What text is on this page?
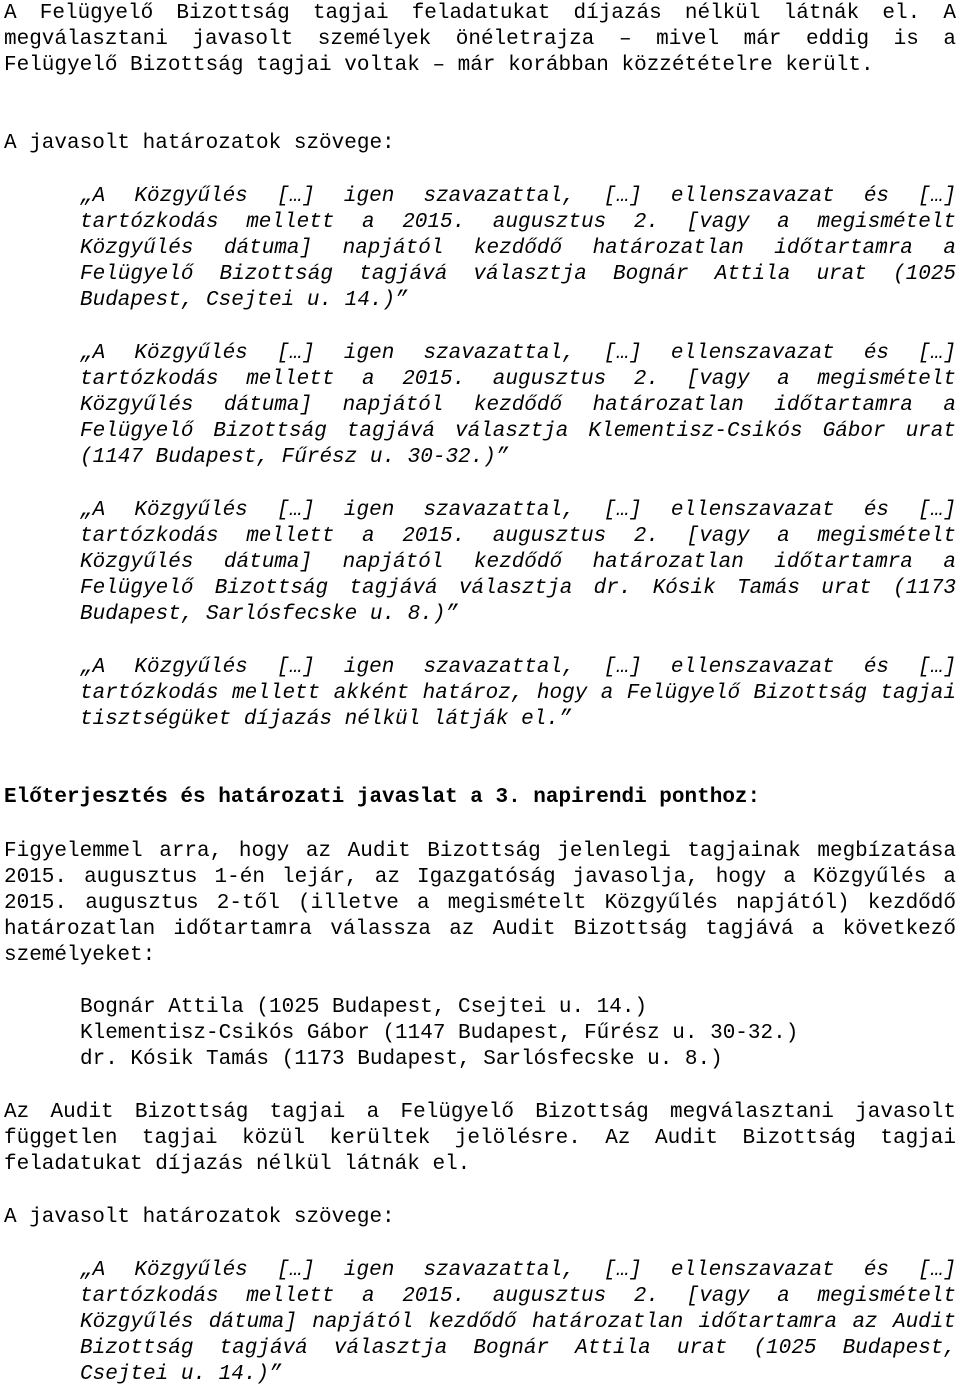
A Felügyelő Bizottság tagjai feladatukat díjazás nélkül látnák el. A megválasztani javasolt személyek önéletrajza – mivel már eddig is a Felügyelő Bizottság tagjai voltak – már korábban közzétételre került.

A javasolt határozatok szövege:

„A Közgyűlés […] igen szavazattal, […] ellenszavazat és […] tartózkodás mellett a 2015. augusztus 2. [vagy a megismételt Közgyűlés dátuma] napjától kezdődő határozatlan időtartamra a Felügyelő Bizottság tagjává választja Bognár Attila urat (1025 Budapest, Csejtei u. 14.)”

„A Közgyűlés […] igen szavazattal, […] ellenszavazat és […] tartózkodás mellett a 2015. augusztus 2. [vagy a megismételt Közgyűlés dátuma] napjától kezdődő határozatlan időtartamra a Felügyelő Bizottság tagjává választja Klementisz-Csikós Gábor urat (1147 Budapest, Fűrész u. 30-32.)”

„A Közgyűlés […] igen szavazattal, […] ellenszavazat és […] tartózkodás mellett a 2015. augusztus 2. [vagy a megismételt Közgyűlés dátuma] napjától kezdődő határozatlan időtartamra a Felügyelő Bizottság tagjává választja dr. Kósik Tamás urat (1173 Budapest, Sarlósfecske u. 8.)”

„A Közgyűlés […] igen szavazattal, […] ellenszavazat és […] tartózkodás mellett akként határoz, hogy a Felügyelő Bizottság tagjai tisztségüket díjazás nélkül látják el.”

Előterjesztés és határozati javaslat a 3. napirendi ponthoz:

Figyelemmel arra, hogy az Audit Bizottság jelenlegi tagjainak megbízatása 2015. augusztus 1-én lejár, az Igazgatóság javasolja, hogy a Közgyűlés a 2015. augusztus 2-től (illetve a megismételt Közgyűlés napjától) kezdődő határozatlan időtartamra válassza az Audit Bizottság tagjává a következő személyeket:

Bognár Attila (1025 Budapest, Csejtei u. 14.)
Klementisz-Csikós Gábor (1147 Budapest, Fűrész u. 30-32.)
dr. Kósik Tamás (1173 Budapest, Sarlósfecske u. 8.)

Az Audit Bizottság tagjai a Felügyelő Bizottság megválasztani javasolt független tagjai közül kerültek jelölésre. Az Audit Bizottság tagjai feladatukat díjazás nélkül látnák el.

A javasolt határozatok szövege:

„A Közgyűlés […] igen szavazattal, […] ellenszavazat és […] tartózkodás mellett a 2015. augusztus 2. [vagy a megismételt Közgyűlés dátuma] napjától kezdődő határozatlan időtartamra az Audit Bizottság tagjává választja Bognár Attila urat (1025 Budapest, Csejtei u. 14.)”
